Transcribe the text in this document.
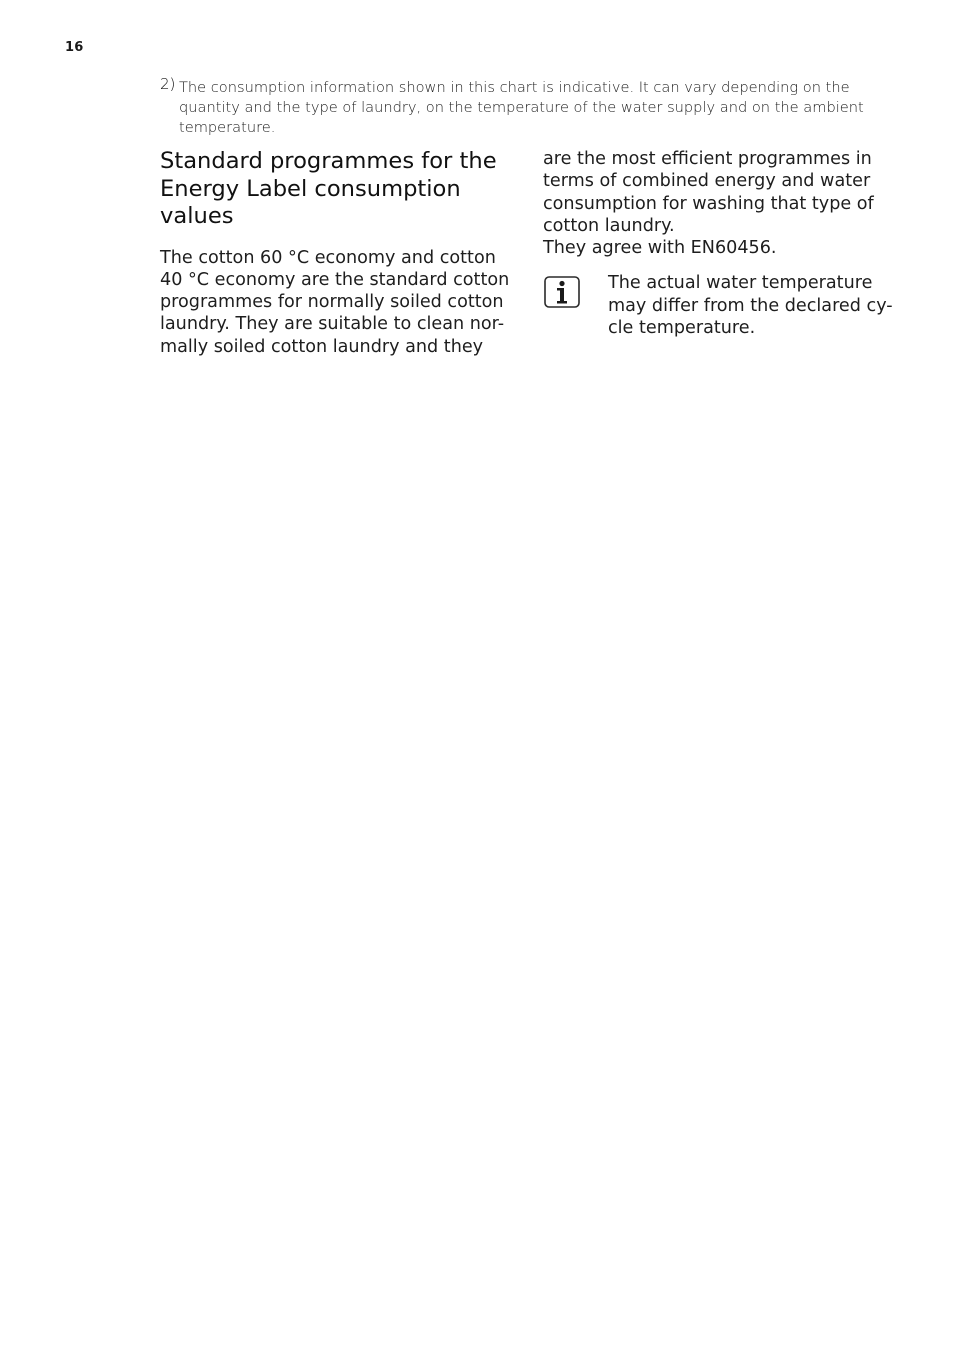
16
2) The consumption information shown in this chart is indicative. It can vary depending on the quantity and the type of laundry, on the temperature of the water supply and on the ambient temperature.
Standard programmes for the Energy Label consumption values

The cotton 60 °C economy and cotton 40 °C economy are the standard cotton programmes for normally soiled cotton laundry. They are suitable to clean nor-mally soiled cotton laundry and they

are the most efficient programmes in terms of combined energy and water consumption for washing that type of cotton laundry.

They agree with EN60456.

The actual water temperature may differ from the declared cy-cle temperature.
